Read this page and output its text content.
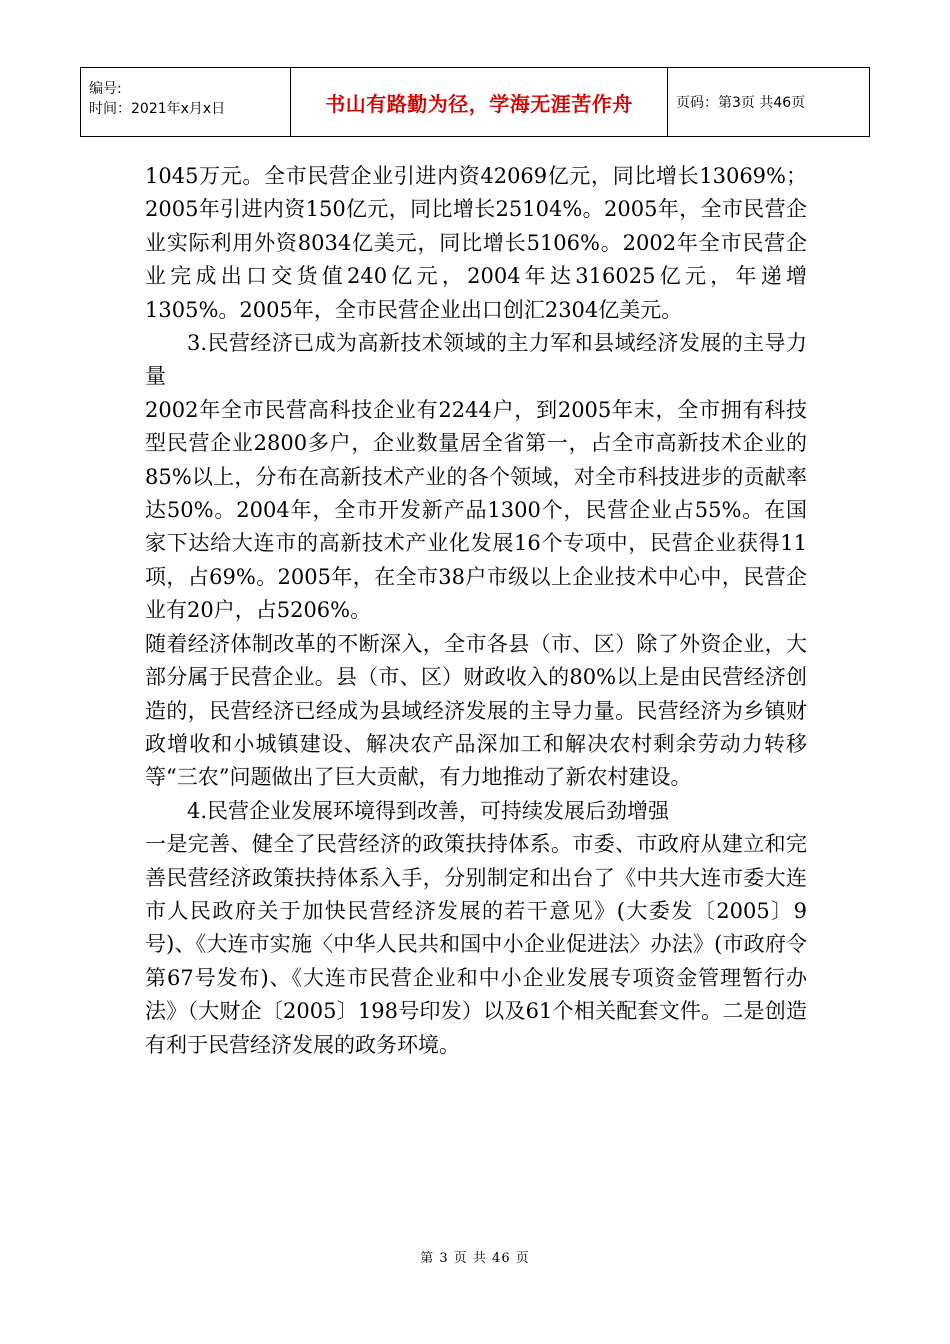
编号:
时间：2021年x月x日	书山有路勤为径，学海无涯苦作舟	页码：第3页 共46页

1045万元。全市民营企业引进内资42069亿元，同比增长13069%；2005年引进内资150亿元，同比增长25104%。2005年，全市民营企业实际利用外资8034亿美元，同比增长5106%。2002年全市民营企业完成出口交货值240亿元，2004年达316025亿元，年递增1305%。2005年，全市民营企业出口创汇2304亿美元。

3.民营经济已成为高新技术领域的主力军和县域经济发展的主导力量

2002年全市民营高科技企业有2244户，到2005年末，全市拥有科技型民营企业2800多户，企业数量居全省第一，占全市高新技术企业的85%以上，分布在高新技术产业的各个领域，对全市科技进步的贡献率达50%。2004年，全市开发新产品1300个，民营企业占55%。在国家下达给大连市的高新技术产业化发展16个专项中，民营企业获得11项，占69%。2005年，在全市38户市级以上企业技术中心中，民营企业有20户，占5206%。

随着经济体制改革的不断深入，全市各县（市、区）除了外资企业，大部分属于民营企业。县（市、区）财政收入的80%以上是由民营经济创造的，民营经济已经成为县域经济发展的主导力量。民营经济为乡镇财政增收和小城镇建设、解决农产品深加工和解决农村剩余劳动力转移等“三农”问题做出了巨大贡献，有力地推动了新农村建设。

4.民营企业发展环境得到改善，可持续发展后劲增强

一是完善、健全了民营经济的政策扶持体系。市委、市政府从建立和完善民营经济政策扶持体系入手，分别制定和出台了《中共大连市委大连市人民政府关于加快民营经济发展的若干意见》(大委发〔2005〕9号)、《大连市实施〈中华人民共和国中小企业促进法〉办法》(市政府令第67号发布)、《大连市民营企业和中小企业发展专项资金管理暂行办法》（大财企〔2005〕198号印发）以及61个相关配套文件。二是创造有利于民营经济发展的政务环境。

第 3 页 共 46 页
